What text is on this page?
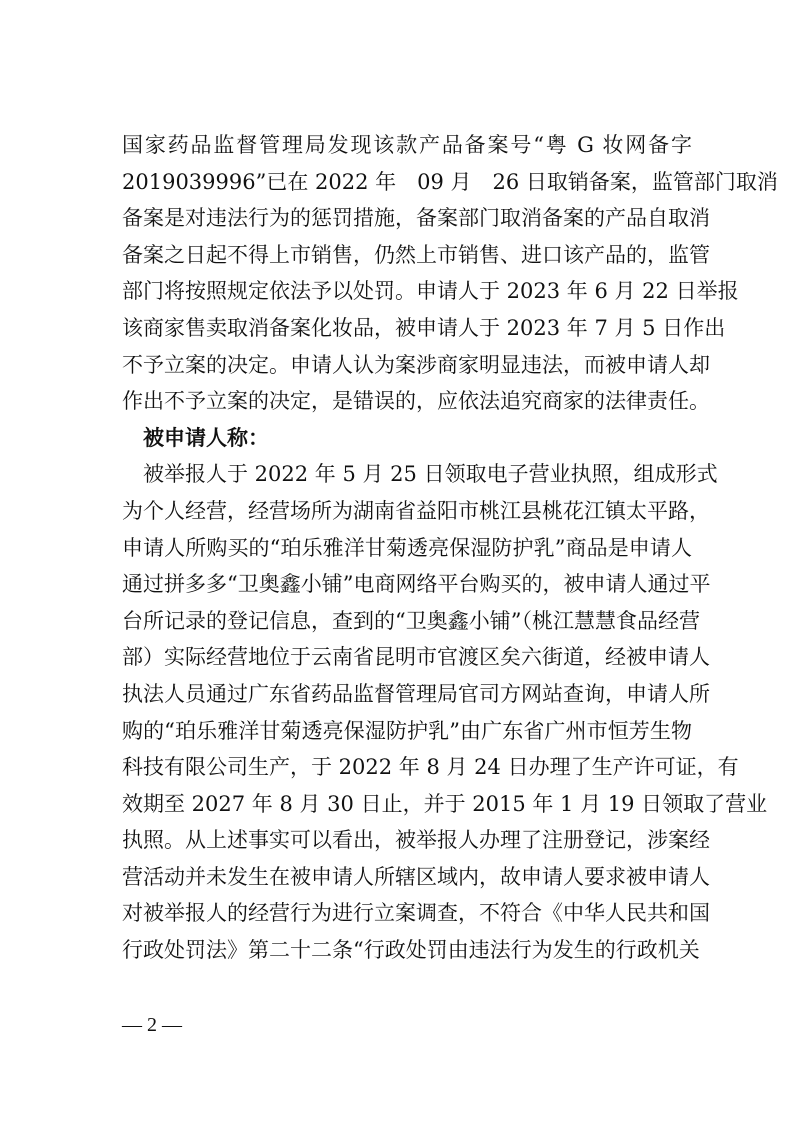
国家药品监督管理局发现该款产品备案号“粤 G 妆网备字
2019039996”已在 2022 年　09 月　26 日取销备案，监管部门取消
备案是对违法行为的惩罚措施，备案部门取消备案的产品自取消
备案之日起不得上市销售，仍然上市销售、进口该产品的，监管
部门将按照规定依法予以处罚。申请人于 2023 年 6 月 22 日举报
该商家售卖取消备案化妆品，被申请人于 2023 年 7 月 5 日作出
不予立案的决定。申请人认为案涉商家明显违法，而被申请人却
作出不予立案的决定，是错误的，应依法追究商家的法律责任。
被申请人称：
被举报人于 2022 年 5 月 25 日领取电子营业执照，组成形式
为个人经营，经营场所为湖南省益阳市桃江县桃花江镇太平路，
申请人所购买的“珀乐雅洋甘菊透亮保湿防护乳”商品是申请人
通过拼多多“卫奥鑫小铺”电商网络平台购买的，被申请人通过平
台所记录的登记信息，查到的“卫奥鑫小铺”（桃江慧慧食品经营
部）实际经营地位于云南省昆明市官渡区矣六街道，经被申请人
执法人员通过广东省药品监督管理局官司方网站查询，申请人所
购的“珀乐雅洋甘菊透亮保湿防护乳”由广东省广州市恒芳生物
科技有限公司生产，于 2022 年 8 月 24 日办理了生产许可证，有
效期至 2027 年 8 月 30 日止，并于 2015 年 1 月 19 日领取了营业
执照。从上述事实可以看出，被举报人办理了注册登记，涉案经
营活动并未发生在被申请人所辖区域内，故申请人要求被申请人
对被举报人的经营行为进行立案调查，不符合《中华人民共和国
行政处罚法》第二十二条“行政处罚由违法行为发生的行政机关
— 2 —
